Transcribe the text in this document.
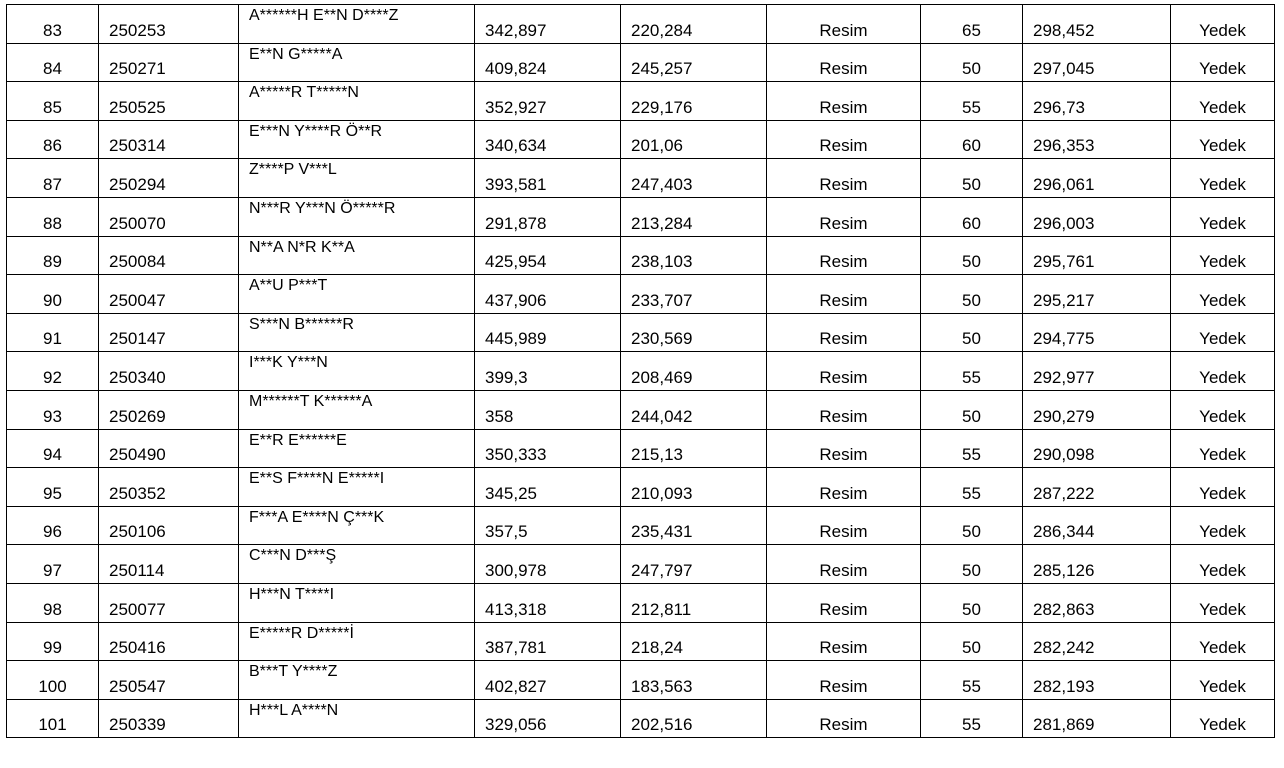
83	250253	A******H E**N D****Z	342,897	220,284	Resim	65	298,452	Yedek
84	250271	E**N G*****A	409,824	245,257	Resim	50	297,045	Yedek
85	250525	A*****R T*****N	352,927	229,176	Resim	55	296,73	Yedek
86	250314	E***N Y****R Ö**R	340,634	201,06	Resim	60	296,353	Yedek
87	250294	Z****P V***L	393,581	247,403	Resim	50	296,061	Yedek
88	250070	N***R Y***N Ö*****R	291,878	213,284	Resim	60	296,003	Yedek
89	250084	N**A N*R K**A	425,954	238,103	Resim	50	295,761	Yedek
90	250047	A**U P***T	437,906	233,707	Resim	50	295,217	Yedek
91	250147	S***N B******R	445,989	230,569	Resim	50	294,775	Yedek
92	250340	I***K Y***N	399,3	208,469	Resim	55	292,977	Yedek
93	250269	M******T K******A	358	244,042	Resim	50	290,279	Yedek
94	250490	E**R E******E	350,333	215,13	Resim	55	290,098	Yedek
95	250352	E**S F****N E*****I	345,25	210,093	Resim	55	287,222	Yedek
96	250106	F***A E****N Ç***K	357,5	235,431	Resim	50	286,344	Yedek
97	250114	C***N D***Ş	300,978	247,797	Resim	50	285,126	Yedek
98	250077	H***N T****I	413,318	212,811	Resim	50	282,863	Yedek
99	250416	E*****R D*****İ	387,781	218,24	Resim	50	282,242	Yedek
100	250547	B***T Y****Z	402,827	183,563	Resim	55	282,193	Yedek
101	250339	H***L A****N	329,056	202,516	Resim	55	281,869	Yedek
